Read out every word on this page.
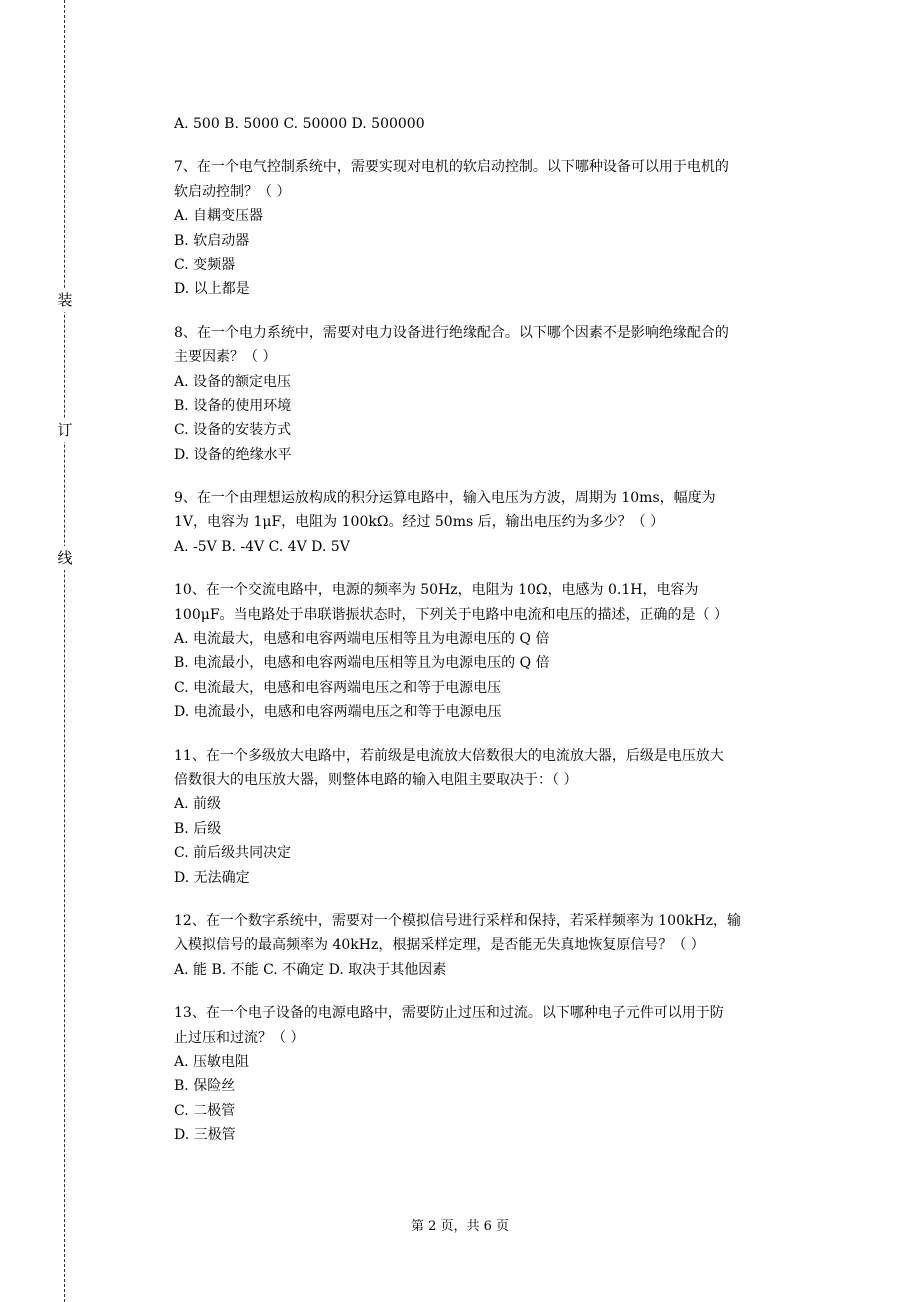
装
订
线
A. 500 B. 5000 C. 50000 D. 500000
7、在一个电气控制系统中，需要实现对电机的软启动控制。以下哪种设备可以用于电机的
软启动控制？（ ）
A. 自耦变压器
B. 软启动器
C. 变频器
D. 以上都是
8、在一个电力系统中，需要对电力设备进行绝缘配合。以下哪个因素不是影响绝缘配合的
主要因素？（ ）
A. 设备的额定电压
B. 设备的使用环境
C. 设备的安装方式
D. 设备的绝缘水平
9、在一个由理想运放构成的积分运算电路中，输入电压为方波，周期为 10ms，幅度为
1V，电容为 1μF，电阻为 100kΩ。经过 50ms 后，输出电压约为多少？（ ）
A. -5V B. -4V C. 4V D. 5V
10、在一个交流电路中，电源的频率为 50Hz，电阻为 10Ω，电感为 0.1H，电容为
100μF。当电路处于串联谐振状态时，下列关于电路中电流和电压的描述，正确的是（ ）
A. 电流最大，电感和电容两端电压相等且为电源电压的 Q 倍
B. 电流最小，电感和电容两端电压相等且为电源电压的 Q 倍
C. 电流最大，电感和电容两端电压之和等于电源电压
D. 电流最小，电感和电容两端电压之和等于电源电压
11、在一个多级放大电路中，若前级是电流放大倍数很大的电流放大器，后级是电压放大
倍数很大的电压放大器，则整体电路的输入电阻主要取决于：（ ）
A. 前级
B. 后级
C. 前后级共同决定
D. 无法确定
12、在一个数字系统中，需要对一个模拟信号进行采样和保持，若采样频率为 100kHz，输
入模拟信号的最高频率为 40kHz，根据采样定理，是否能无失真地恢复原信号？（ ）
A. 能 B. 不能 C. 不确定 D. 取决于其他因素
13、在一个电子设备的电源电路中，需要防止过压和过流。以下哪种电子元件可以用于防
止过压和过流？（ ）
A. 压敏电阻
B. 保险丝
C. 二极管
D. 三极管
第 2 页，共 6 页
